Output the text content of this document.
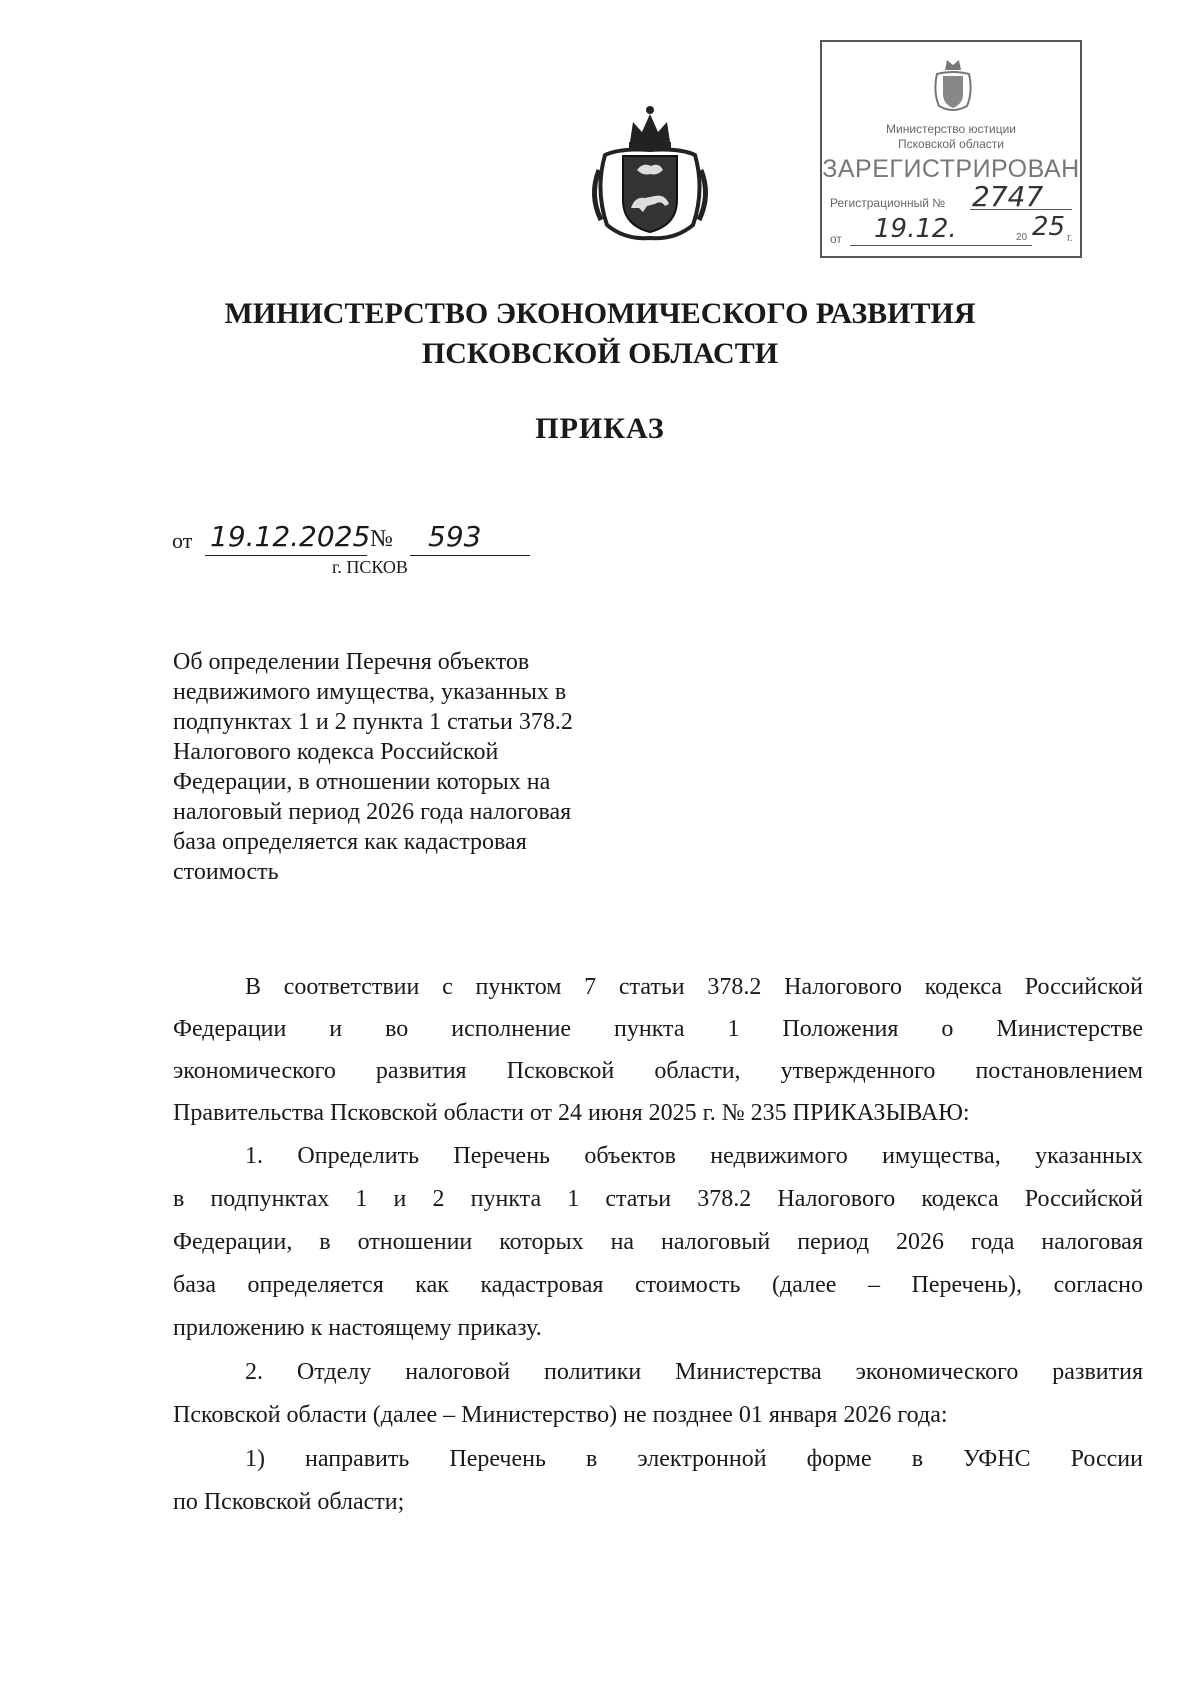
Министерство юстиции
Псковской области
ЗАРЕГИСТРИРОВАН
Регистрационный № 2747
от 19.12.	20 25 г.
МИНИСТЕРСТВО ЭКОНОМИЧЕСКОГО РАЗВИТИЯ
ПСКОВСКОЙ ОБЛАСТИ
ПРИКАЗ
от 19.12.2025 № 593
г. ПСКОВ
Об определении Перечня объектов
недвижимого имущества, указанных в
подпунктах 1 и 2 пункта 1 статьи 378.2
Налогового кодекса Российской
Федерации, в отношении которых на
налоговый период 2026 года налоговая
база определяется как кадастровая
стоимость
В соответствии с пунктом 7 статьи 378.2 Налогового кодекса Российской
Федерации и во исполнение пункта 1 Положения о Министерстве
экономического развития Псковской области, утвержденного постановлением
Правительства Псковской области от 24 июня 2025 г. № 235 ПРИКАЗЫВАЮ:
1. Определить Перечень объектов недвижимого имущества, указанных
в подпунктах 1 и 2 пункта 1 статьи 378.2 Налогового кодекса Российской
Федерации, в отношении которых на налоговый период 2026 года налоговая
база определяется как кадастровая стоимость (далее – Перечень), согласно
приложению к настоящему приказу.
2. Отделу налоговой политики Министерства экономического развития
Псковской области (далее – Министерство) не позднее 01 января 2026 года:
1) направить Перечень в электронной форме в УФНС России
по Псковской области;
